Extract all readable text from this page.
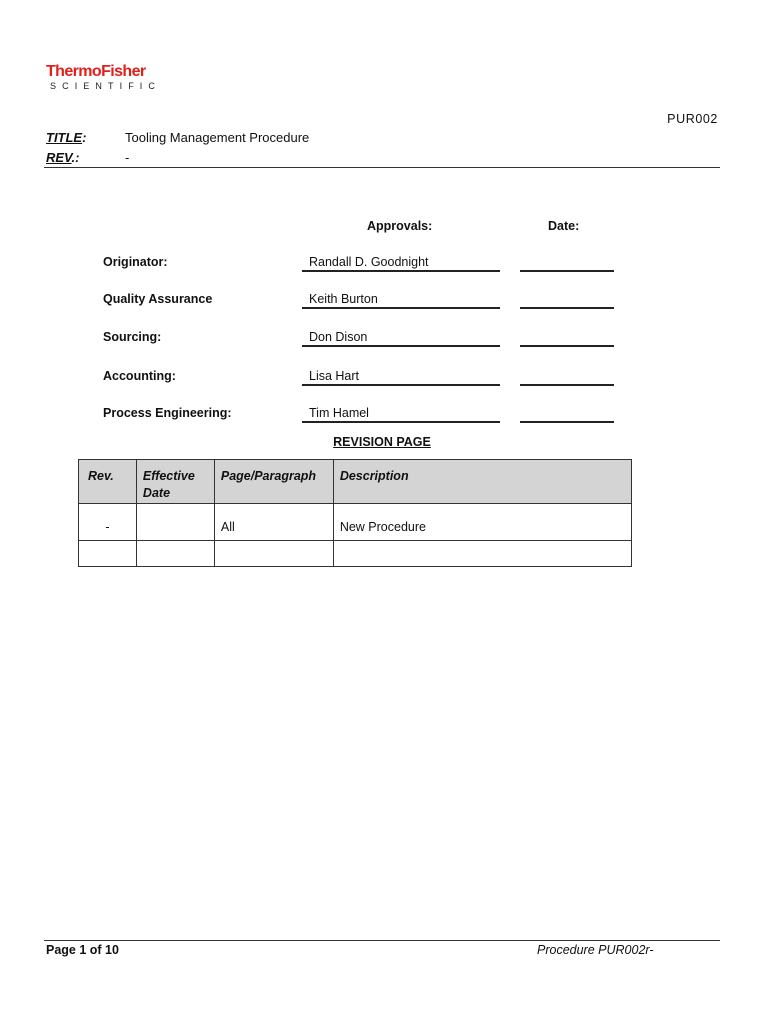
ThermoFisher
SCIENTIFIC
PUR002
TITLE:	Tooling Management Procedure
REV.:	-
Approvals:	Date:
Originator:	Randall D. Goodnight
Quality Assurance	Keith Burton
Sourcing:	Don Dison
Accounting:	Lisa Hart
Process Engineering:	Tim Hamel
REVISION PAGE
Rev.	Effective Date	Page/Paragraph	Description
-		All	New Procedure

Page 1 of 10	Procedure PUR002r-
